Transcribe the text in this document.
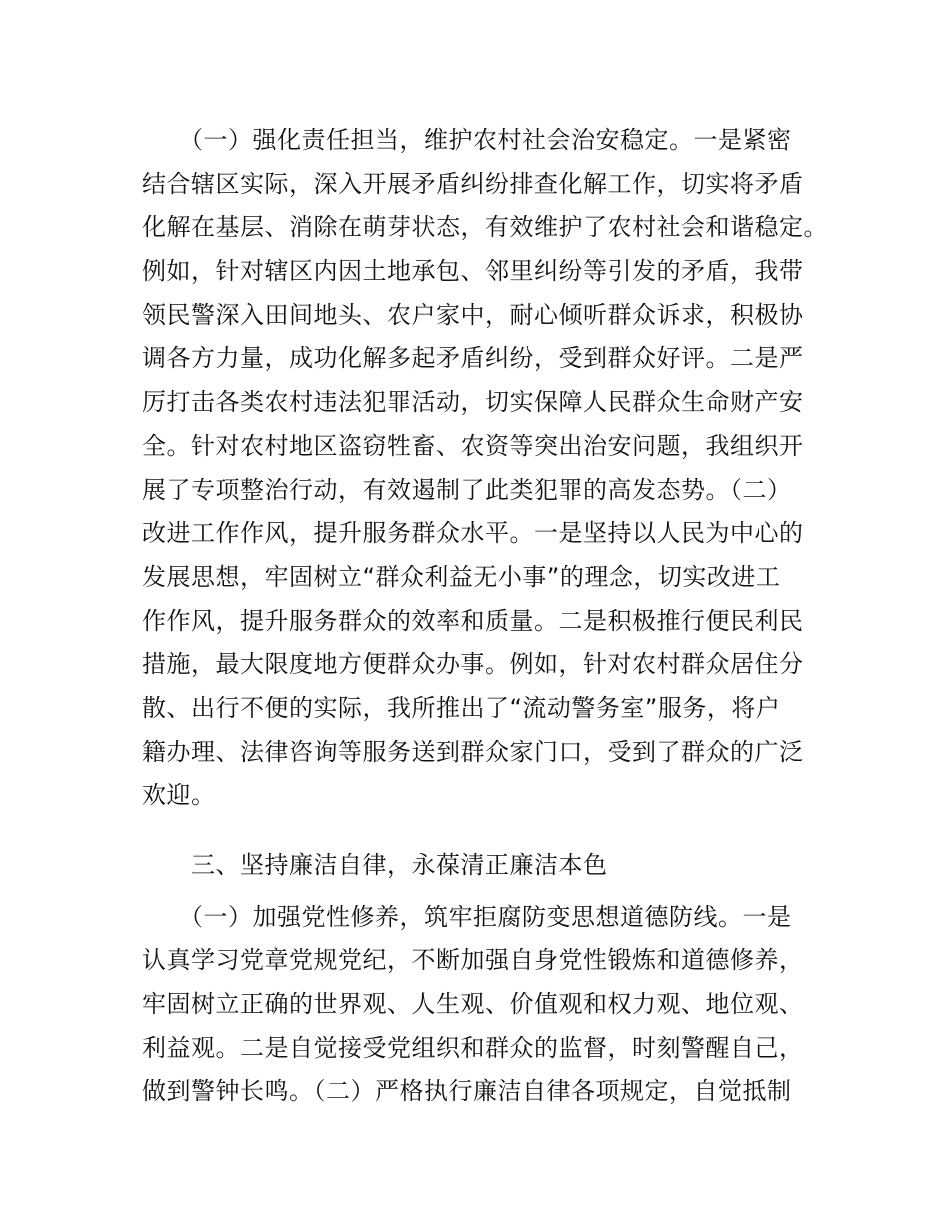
　　（一）强化责任担当，维护农村社会治安稳定。一是紧密

结合辖区实际，深入开展矛盾纠纷排查化解工作，切实将矛盾

化解在基层、消除在萌芽状态，有效维护了农村社会和谐稳定。

例如，针对辖区内因土地承包、邻里纠纷等引发的矛盾，我带

领民警深入田间地头、农户家中，耐心倾听群众诉求，积极协

调各方力量，成功化解多起矛盾纠纷，受到群众好评。二是严

厉打击各类农村违法犯罪活动，切实保障人民群众生命财产安

全。针对农村地区盗窃牲畜、农资等突出治安问题，我组织开

展了专项整治行动，有效遏制了此类犯罪的高发态势。（二）

改进工作作风，提升服务群众水平。一是坚持以人民为中心的

发展思想，牢固树立“群众利益无小事”的理念，切实改进工

作作风，提升服务群众的效率和质量。二是积极推行便民利民

措施，最大限度地方便群众办事。例如，针对农村群众居住分

散、出行不便的实际，我所推出了“流动警务室”服务，将户

籍办理、法律咨询等服务送到群众家门口，受到了群众的广泛

欢迎。

　　三、坚持廉洁自律，永葆清正廉洁本色

　　（一）加强党性修养，筑牢拒腐防变思想道德防线。一是

认真学习党章党规党纪，不断加强自身党性锻炼和道德修养，

牢固树立正确的世界观、人生观、价值观和权力观、地位观、

利益观。二是自觉接受党组织和群众的监督，时刻警醒自己，

做到警钟长鸣。（二）严格执行廉洁自律各项规定，自觉抵制
